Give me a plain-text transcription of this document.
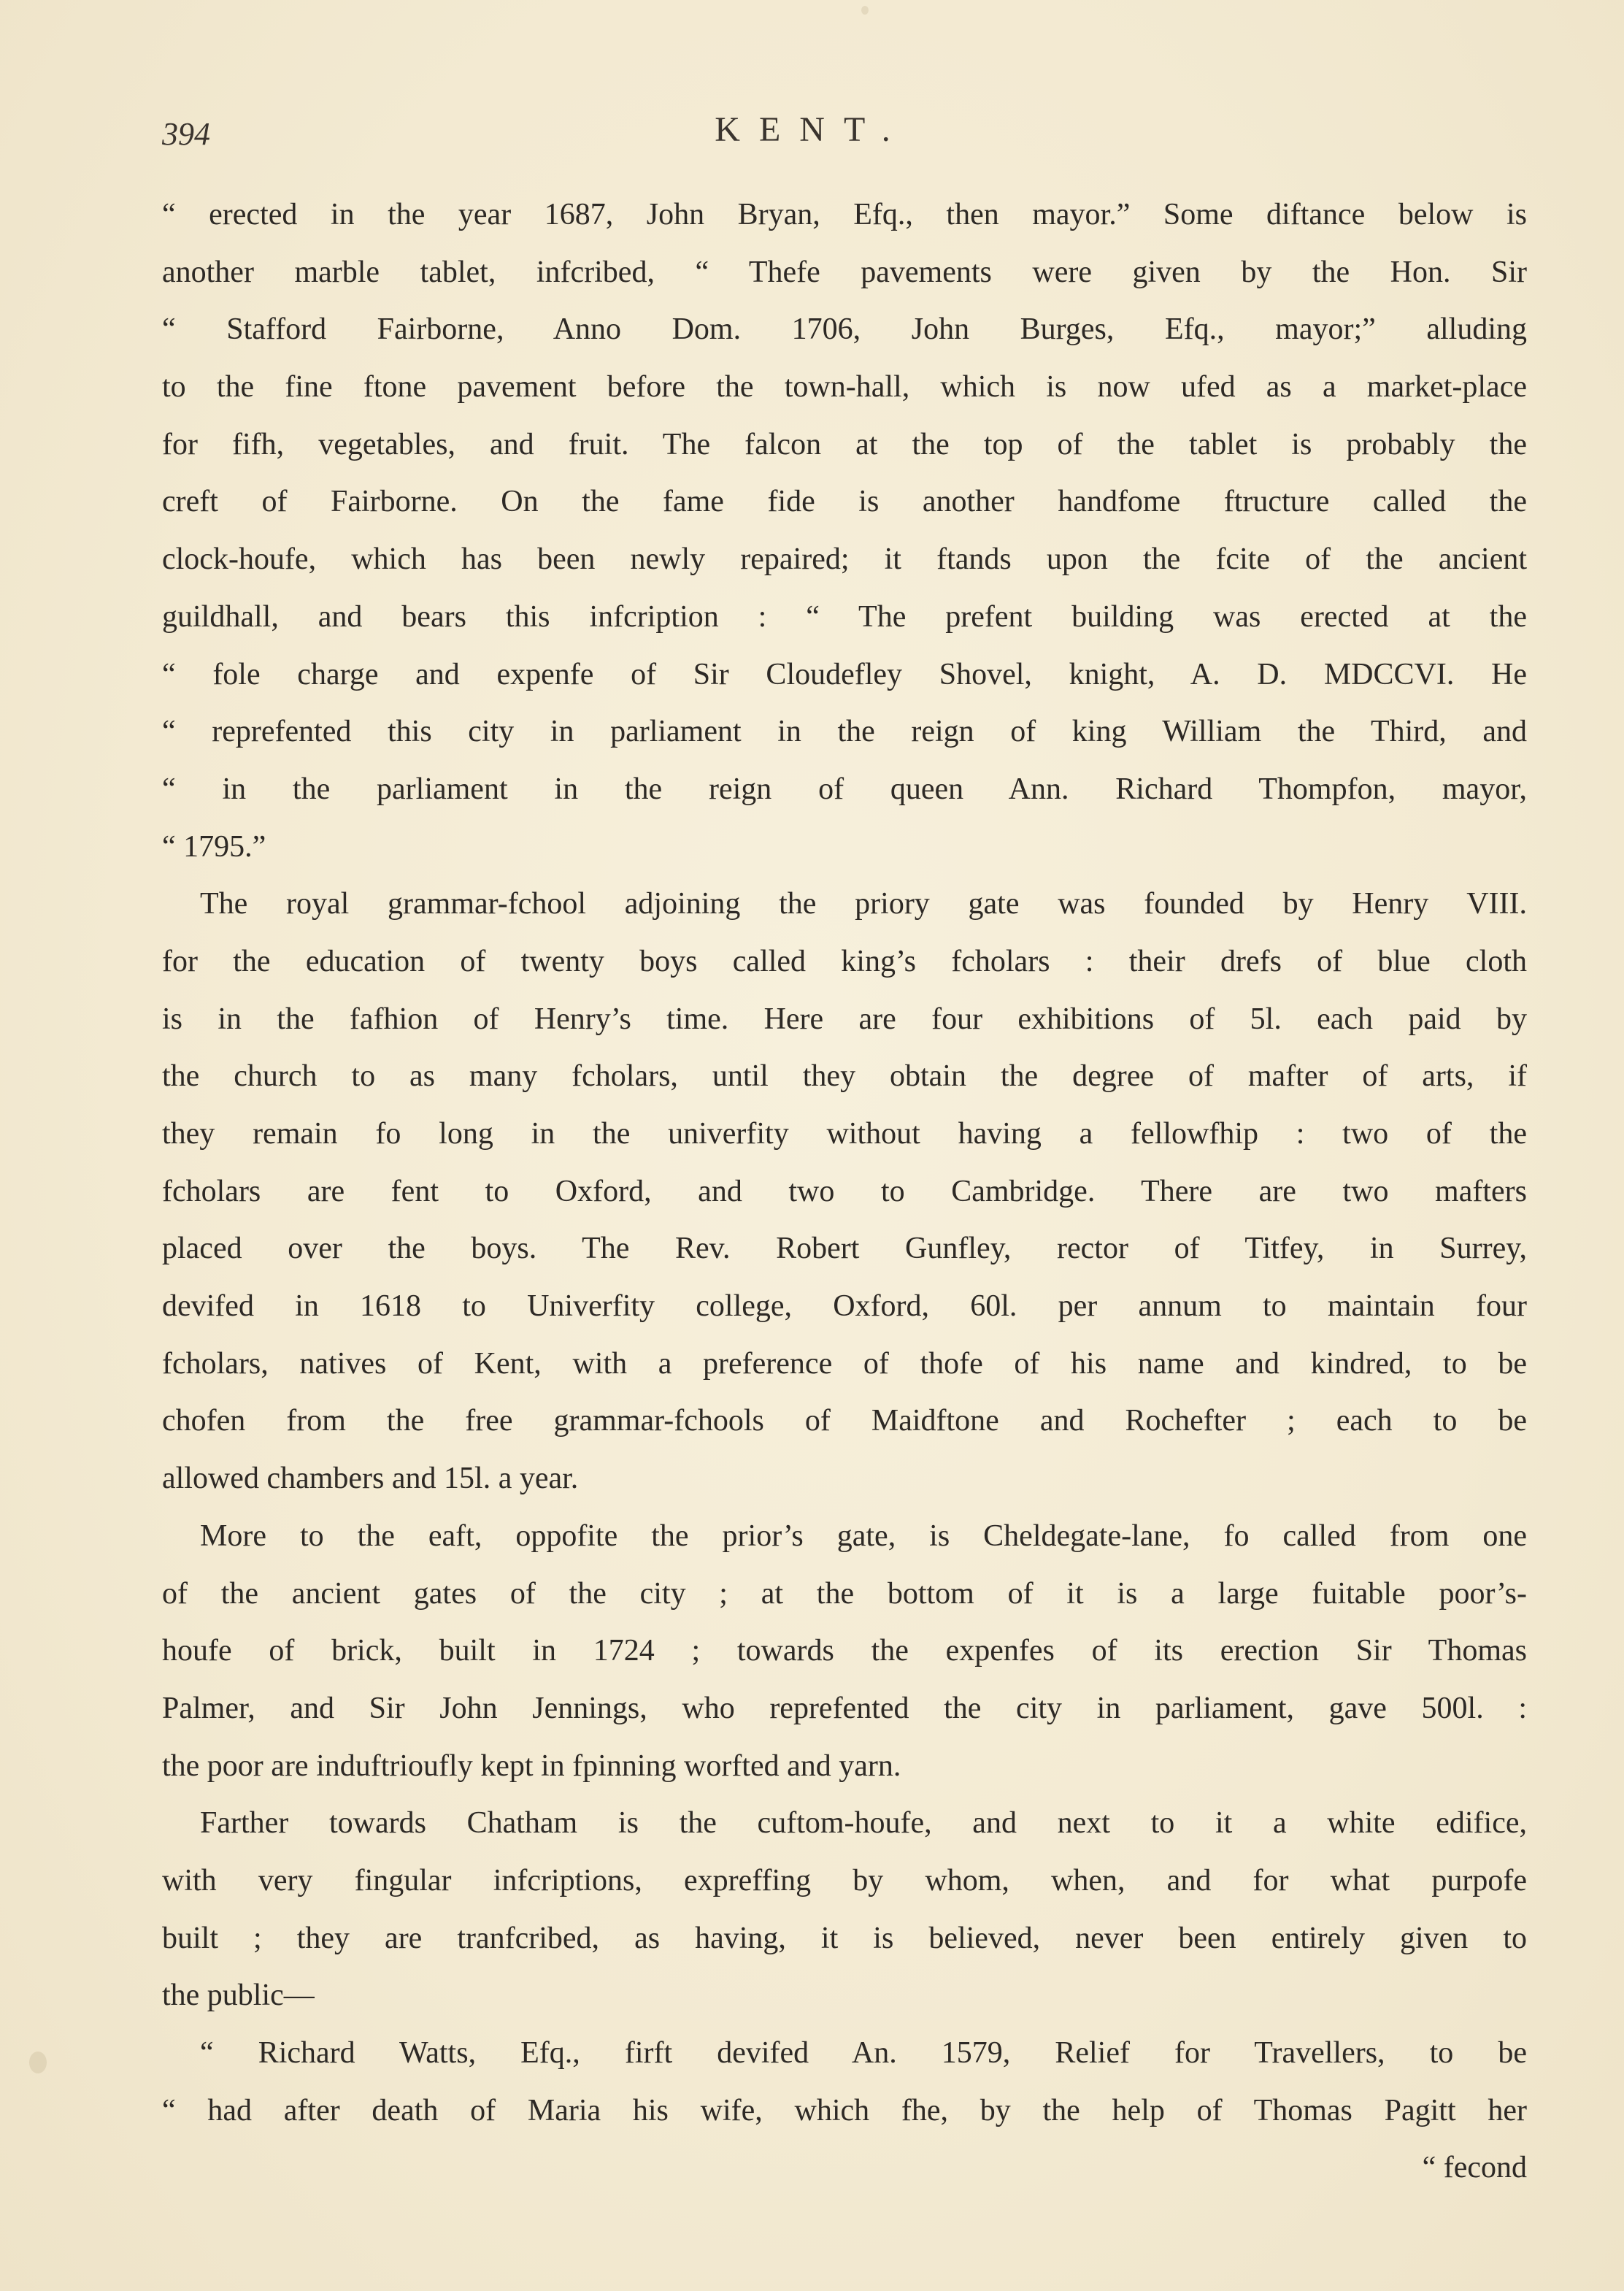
394	KENT.
“ erected in the year 1687, John Bryan, Efq., then mayor.” Some diftance below is
another marble tablet, infcribed, “ Thefe pavements were given by the Hon. Sir
“ Stafford Fairborne, Anno Dom. 1706, John Burges, Efq., mayor;” alluding
to the fine ftone pavement before the town-hall, which is now ufed as a market-place
for fifh, vegetables, and fruit. The falcon at the top of the tablet is probably the
creft of Fairborne. On the fame fide is another handfome ftructure called the
clock-houfe, which has been newly repaired; it ftands upon the fcite of the ancient
guildhall, and bears this infcription : “ The prefent building was erected at the
“ fole charge and expenfe of Sir Cloudefley Shovel, knight, A. D. MDCCVI. He
“ reprefented this city in parliament in the reign of king William the Third, and
“ in the parliament in the reign of queen Ann. Richard Thompfon, mayor,
“ 1795.”
The royal grammar-fchool adjoining the priory gate was founded by Henry VIII.
for the education of twenty boys called king’s fcholars : their drefs of blue cloth
is in the fafhion of Henry’s time. Here are four exhibitions of 5l. each paid by
the church to as many fcholars, until they obtain the degree of mafter of arts, if
they remain fo long in the univerfity without having a fellowfhip : two of the
fcholars are fent to Oxford, and two to Cambridge. There are two mafters
placed over the boys. The Rev. Robert Gunfley, rector of Titfey, in Surrey,
devifed in 1618 to Univerfity college, Oxford, 60l. per annum to maintain four
fcholars, natives of Kent, with a preference of thofe of his name and kindred, to be
chofen from the free grammar-fchools of Maidftone and Rochefter ; each to be
allowed chambers and 15l. a year.
More to the eaft, oppofite the prior’s gate, is Cheldegate-lane, fo called from one
of the ancient gates of the city ; at the bottom of it is a large fuitable poor’s-
houfe of brick, built in 1724 ; towards the expenfes of its erection Sir Thomas
Palmer, and Sir John Jennings, who reprefented the city in parliament, gave 500l. :
the poor are induftrioufly kept in fpinning worfted and yarn.
Farther towards Chatham is the cuftom-houfe, and next to it a white edifice,
with very fingular infcriptions, expreffing by whom, when, and for what purpofe
built ; they are tranfcribed, as having, it is believed, never been entirely given to
the public—
“ Richard Watts, Efq., firft devifed An. 1579, Relief for Travellers, to be
“ had after death of Maria his wife, which fhe, by the help of Thomas Pagitt her
“ fecond
